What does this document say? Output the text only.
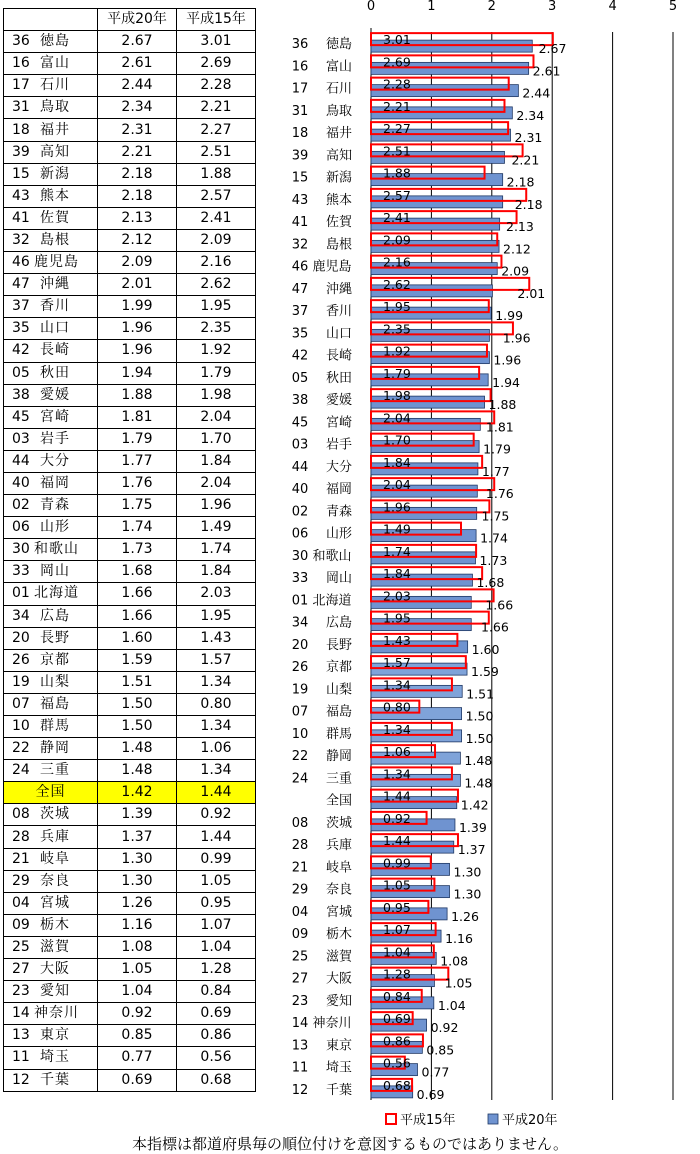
	平成20年	平成15年
36 徳島	2.67	3.01
16 富山	2.61	2.69
17 石川	2.44	2.28
31 鳥取	2.34	2.21
18 福井	2.31	2.27
39 高知	2.21	2.51
15 新潟	2.18	1.88
43 熊本	2.18	2.57
41 佐賀	2.13	2.41
32 島根	2.12	2.09
46 鹿児島	2.09	2.16
47 沖縄	2.01	2.62
37 香川	1.99	1.95
35 山口	1.96	2.35
42 長崎	1.96	1.92
05 秋田	1.94	1.79
38 愛媛	1.88	1.98
45 宮崎	1.81	2.04
03 岩手	1.79	1.70
44 大分	1.77	1.84
40 福岡	1.76	2.04
02 青森	1.75	1.96
06 山形	1.74	1.49
30 和歌山	1.73	1.74
33 岡山	1.68	1.84
01 北海道	1.66	2.03
34 広島	1.66	1.95
20 長野	1.60	1.43
26 京都	1.59	1.57
19 山梨	1.51	1.34
07 福島	1.50	0.80
10 群馬	1.50	1.34
22 静岡	1.48	1.06
24 三重	1.48	1.34
全国	1.42	1.44
08 茨城	1.39	0.92
28 兵庫	1.37	1.44
21 岐阜	1.30	0.99
29 奈良	1.30	1.05
04 宮城	1.26	0.95
09 栃木	1.16	1.07
25 滋賀	1.08	1.04
27 大阪	1.05	1.28
23 愛知	1.04	0.84
14 神奈川	0.92	0.69
13 東京	0.85	0.86
11 埼玉	0.77	0.56
12 千葉	0.69	0.68
0	1	2	3	4	5
36 徳島 3.01
2.67
16 富山 2.69
2.61
17 石川 2.28
2.44
31 鳥取 2.21
2.34
18 福井 2.27
2.31
39 高知 2.51
2.21
15 新潟 1.88
2.18
43 熊本 2.57
2.18
41 佐賀 2.41
2.13
32 島根 2.09
2.12
46 鹿児島	2.16
2.09
47 沖縄 2.62
2.01
37 香川 1.95
1.99
35 山口 2.35
1.96
42 長崎 1.92
1.96
05 秋田 1.79
1.94
38 愛媛 1.98
1.88
45 宮崎 2.04
1.81
03 岩手 1.70
1.79
44 大分 1.84
1.77
40 福岡 2.04
1.76
02 青森 1.96
1.75
06 山形 1.49
1.74
30 和歌山	1.74
1.73
33 岡山 1.84
1.68
01 北海道	2.03
1.66
34 広島 1.95
1.66
20 長野 1.43
1.60
26 京都 1.57
1.59
19 山梨 1.34
1.51
07 福島 0.80
1.50
10 群馬 1.34
1.50
22 静岡 1.06
1.48
24 三重 1.34
1.48
全国 1.44
1.42
08 茨城 0.92
1.39
28 兵庫 1.44
1.37
21 岐阜 0.99
1.30
29 奈良 1.05
1.30
04 宮城 0.95
1.26
09 栃木 1.07
1.16
25 滋賀 1.04
1.08
27 大阪 1.28
1.05
23 愛知 0.84
1.04
14 神奈川	0.69
0.92
13 東京 0.86
0.85
11 埼玉 0.56
0.77
12 千葉 0.68
0.69
平成15年	平成20年
本指標は都道府県毎の順位付けを意図するものではありません。
